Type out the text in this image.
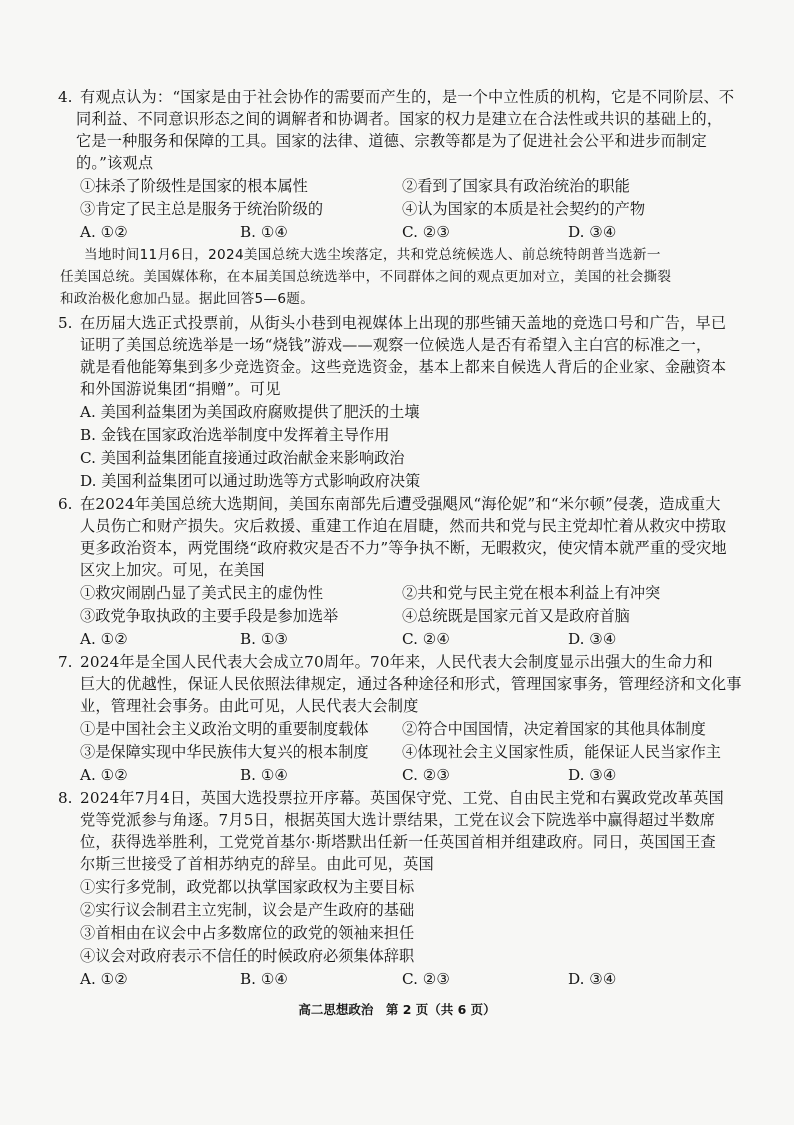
4. 有观点认为：“国家是由于社会协作的需要而产生的，是一个中立性质的机构，它是不同阶层、不
同利益、不同意识形态之间的调解者和协调者。国家的权力是建立在合法性或共识的基础上的，
它是一种服务和保障的工具。国家的法律、道德、宗教等都是为了促进社会公平和进步而制定
的。”该观点
①抹杀了阶级性是国家的根本属性	②看到了国家具有政治统治的职能
③肯定了民主总是服务于统治阶级的	④认为国家的本质是社会契约的产物
A. ①②	B. ①④	C. ②③	D. ③④
当地时间11月6日，2024美国总统大选尘埃落定，共和党总统候选人、前总统特朗普当选新一
任美国总统。美国媒体称，在本届美国总统选举中，不同群体之间的观点更加对立，美国的社会撕裂
和政治极化愈加凸显。据此回答5—6题。
5. 在历届大选正式投票前，从街头小巷到电视媒体上出现的那些铺天盖地的竞选口号和广告，早已
证明了美国总统选举是一场“烧钱”游戏——观察一位候选人是否有希望入主白宫的标准之一，
就是看他能筹集到多少竞选资金。这些竞选资金，基本上都来自候选人背后的企业家、金融资本
和外国游说集团“捐赠”。可见
A. 美国利益集团为美国政府腐败提供了肥沃的土壤
B. 金钱在国家政治选举制度中发挥着主导作用
C. 美国利益集团能直接通过政治献金来影响政治
D. 美国利益集团可以通过助选等方式影响政府决策
6. 在2024年美国总统大选期间，美国东南部先后遭受强飓风“海伦妮”和“米尔顿”侵袭，造成重大
人员伤亡和财产损失。灾后救援、重建工作迫在眉睫，然而共和党与民主党却忙着从救灾中捞取
更多政治资本，两党围绕“政府救灾是否不力”等争执不断，无暇救灾，使灾情本就严重的受灾地
区灾上加灾。可见，在美国
①救灾闹剧凸显了美式民主的虚伪性	②共和党与民主党在根本利益上有冲突
③政党争取执政的主要手段是参加选举	④总统既是国家元首又是政府首脑
A. ①②	B. ①③	C. ②④	D. ③④
7. 2024年是全国人民代表大会成立70周年。70年来，人民代表大会制度显示出强大的生命力和
巨大的优越性，保证人民依照法律规定，通过各种途径和形式，管理国家事务，管理经济和文化事
业，管理社会事务。由此可见，人民代表大会制度
①是中国社会主义政治文明的重要制度载体 ②符合中国国情，决定着国家的其他具体制度
③是保障实现中华民族伟大复兴的根本制度 ④体现社会主义国家性质，能保证人民当家作主
A. ①②	B. ①④	C. ②③	D. ③④
8. 2024年7月4日，英国大选投票拉开序幕。英国保守党、工党、自由民主党和右翼政党改革英国
党等党派参与角逐。7月5日，根据英国大选计票结果，工党在议会下院选举中赢得超过半数席
位，获得选举胜利，工党党首基尔·斯塔默出任新一任英国首相并组建政府。同日，英国国王查
尔斯三世接受了首相苏纳克的辞呈。由此可见，英国
①实行多党制，政党都以执掌国家政权为主要目标
②实行议会制君主立宪制，议会是产生政府的基础
③首相由在议会中占多数席位的政党的领袖来担任
④议会对政府表示不信任的时候政府必须集体辞职
A. ①②	B. ①④	C. ②③	D. ③④
高二思想政治　第 2 页（共 6 页）
